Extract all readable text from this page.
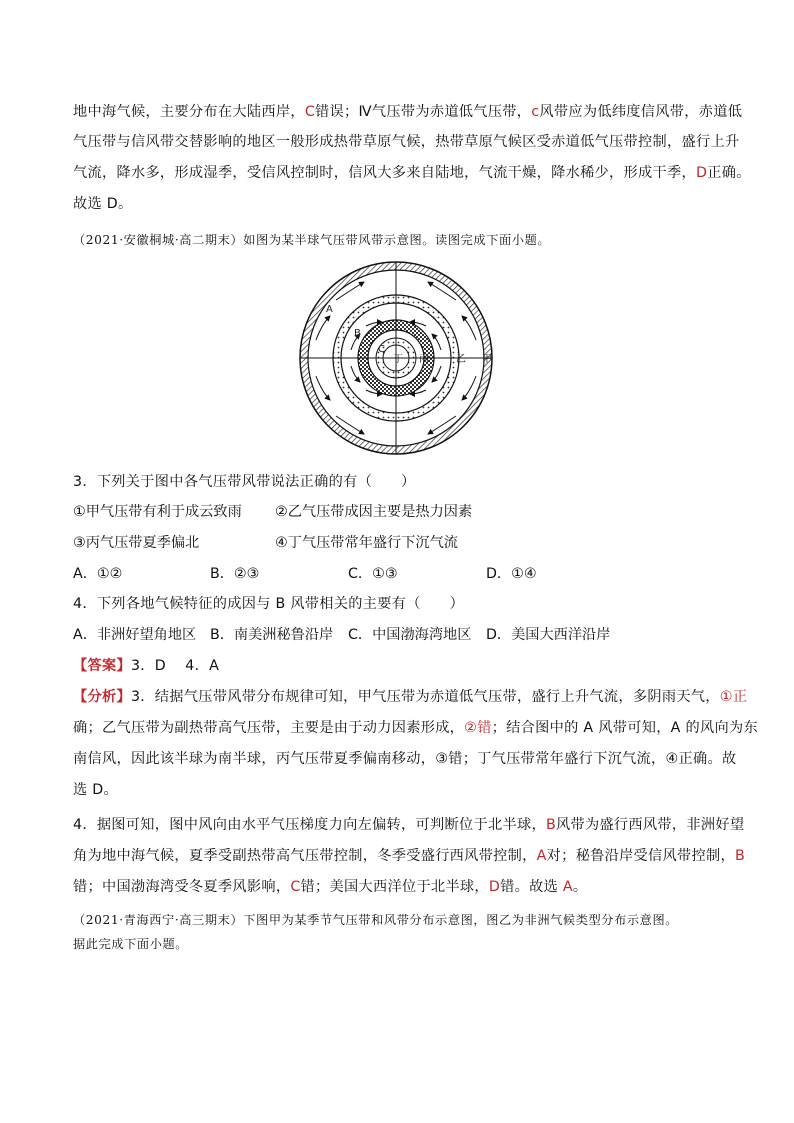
地中海气候，主要分布在大陆西岸，C错误；Ⅳ气压带为赤道低气压带，c风带应为低纬度信风带，赤道低
气压带与信风带交替影响的地区一般形成热带草原气候，热带草原气候区受赤道低气压带控制，盛行上升
气流，降水多，形成湿季，受信风控制时，信风大多来自陆地，气流干燥，降水稀少，形成干季，D正确。
故选 D。
（2021·安徽桐城·高二期末）如图为某半球气压带风带示意图。读图完成下面小题。
A
B
C
丁 丙	乙 甲
3．下列关于图中各气压带风带说法正确的有（　　）
①甲气压带有利于成云致雨 ②乙气压带成因主要是热力因素
③丙气压带夏季偏北	④丁气压带常年盛行下沉气流
A．①②	B．②③	C．①③	D．①④
4．下列各地气候特征的成因与 B 风带相关的主要有（　　）
A．非洲好望角地区 B．南美洲秘鲁沿岸 C．中国渤海湾地区 D．美国大西洋沿岸
【答案】3．D　 4．A
【分析】3．结据气压带风带分布规律可知，甲气压带为赤道低气压带，盛行上升气流，多阴雨天气，①正
确；乙气压带为副热带高气压带，主要是由于动力因素形成，②错；结合图中的 A 风带可知，A 的风向为东
南信风，因此该半球为南半球，丙气压带夏季偏南移动，③错；丁气压带常年盛行下沉气流，④正确。故
选 D。
4．据图可知，图中风向由水平气压梯度力向左偏转，可判断位于北半球，B风带为盛行西风带，非洲好望
角为地中海气候，夏季受副热带高气压带控制，冬季受盛行西风带控制，A对；秘鲁沿岸受信风带控制，B
错；中国渤海湾受冬夏季风影响，C错；美国大西洋位于北半球，D错。故选 A。
（2021·青海西宁·高三期末）下图甲为某季节气压带和风带分布示意图，图乙为非洲气候类型分布示意图。
据此完成下面小题。
